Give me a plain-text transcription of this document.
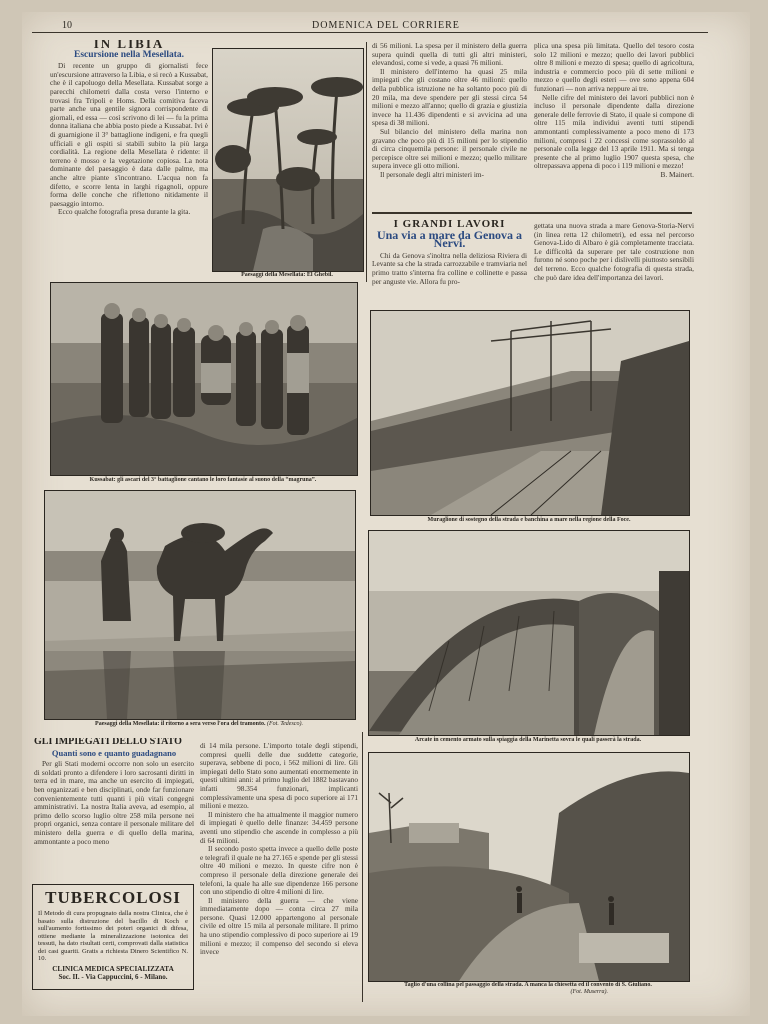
10	DOMENICA DEL CORRIERE
IN LIBIA
Escursione nella Mesellata.

Di recente un gruppo di giornalisti fece un'escursione attraverso la Libia, e si recò a Kussabat, che è il capoluogo della Mesellata. Kussabat sorge a parecchi chilometri dalla costa verso l'interno e trovasi fra Tripoli e Homs. Della comitiva faceva parte anche una gentile signora corrispondente di giornali, ed essa — così scrivono di lei — fu la prima donna italiana che abbia posto piede a Kussabat. Ivi è di guarnigione il 3° battaglione indigeni, e fra quegli ufficiali e gli ospiti si stabilì subito la più larga cordialità. La regione della Mesellata è ridente: il terreno è mosso e la vegetazione copiosa. La nota dominante del paesaggio è data dalle palme, ma anche altre piante s'incontrano. L'acqua non fa difetto, e scorre lenta in larghi rigagnoli, oppure forma delle conche che riflettono nitidamente il paesaggio intorno.

Ecco qualche fotografia presa durante la gita.

Paesaggi della Mesellata: El Ghebil.

di 56 milioni. La spesa per il ministero della guerra supera quindi quella di tutti gli altri ministeri, elevandosi, come si vede, a quasi 76 milioni.

Il ministero dell'interno ha quasi 25 mila impiegati che gli costano oltre 46 milioni: quello della pubblica istruzione ne ha soltanto poco più di 20 mila, ma deve spendere per gli stessi circa 54 milioni e mezzo all'anno; quello di grazia e giustizia invece ha 11.436 dipendenti e si avvicina ad una spesa di 38 milioni.

Sul bilancio del ministero della marina non gravano che poco più di 15 milioni per lo stipendio di circa cinquemila persone: il personale civile ne percepisce oltre sei milioni e mezzo; quello militare supera invece gli otto milioni.

Il personale degli altri ministeri im-

plica una spesa più limitata. Quello del tesoro costa solo 12 milioni e mezzo; quello dei lavori pubblici oltre 8 milioni e mezzo di spesa; quello di agricoltura, industria e commercio poco più di sette milioni e mezzo e quello degli esteri — ove sono appena 604 funzionari — non arriva neppure ai tre.

Nelle cifre del ministero dei lavori pubblici non è incluso il personale dipendente dalla direzione generale delle ferrovie di Stato, il quale si compone di oltre 115 mila individui aventi tutti stipendi ammontanti complessivamente a poco meno di 173 milioni, compresi i 22 concessi come soprassoldo al personale colla legge del 13 aprile 1911. Ma si tenga presente che al primo luglio 1907 questa spesa, che oltrepassava appena di poco i 119 milioni e mezzo!

B. Mainert.

I GRANDI LAVORI
Una via a mare da Genova a Nervi.

Chi da Genova s'inoltra nella deliziosa Riviera di Levante sa che la strada carrozzabile e tramviaria nel primo tratto s'interna fra colline e collinette e passa per anguste vie. Allora fu pro-

gettata una nuova strada a mare Genova-Storia-Nervi (in linea retta 12 chilometri), ed essa nel percorso Genova-Lido di Albaro è già completamente tracciata. Le difficoltà da superare per tale costruzione non furono né sono poche per i dislivelli piuttosto sensibili del terreno. Ecco qualche fotografia di questa strada, che può dare idea dell'importanza dei lavori.

Kussabat: gli ascari del 3° battaglione cantano le loro fantasie al suono della “magruna”.
Paesaggi della Mesellata: il ritorno a sera verso l'ora del tramonto. (Fot. Tedesco).
Muraglione di sostegno della strada e banchina a mare nella regione della Foce.
Arcate in cemento armato sulla spiaggia della Marinetta sovra le quali passerà la strada.
Taglio d'una collina pel passaggio della strada. A manca la chiesetta ed il convento di S. Giuliano.
(Fot. Muserra).
GLI IMPIEGATI DELLO STATO
Quanti sono e quanto guadagnano

Per gli Stati moderni occorre non solo un esercito di soldati pronto a difendere i loro sacrosanti diritti in terra ed in mare, ma anche un esercito di impiegati, ben organizzati e ben disciplinati, onde far funzionare convenientemente tutti quanti i più vitali congegni amministrativi. La nostra Italia aveva, ad esempio, al primo dello scorso luglio oltre 258 mila persone nei propri organici, senza contare il personale militare del ministero della guerra e di quello della marina, ammontante a poco meno

di 14 mila persone. L'importo totale degli stipendi, compresi quelli delle due suddette categorie, superava, sebbene di poco, i 562 milioni di lire. Gli impiegati dello Stato sono aumentati enormemente in questi ultimi anni: al primo luglio del 1882 bastavano infatti 98.354 funzionari, implicanti complessivamente una spesa di poco superiore ai 171 milioni e mezzo.

Il ministero che ha attualmente il maggior numero di impiegati è quello delle finanze: 34.459 persone aventi uno stipendio che ascende in complesso a più di 64 milioni.

Il secondo posto spetta invece a quello delle poste e telegrafi il quale ne ha 27.165 e spende per gli stessi oltre 40 milioni e mezzo. In queste cifre non è compreso il personale della direzione generale dei telefoni, la quale ha alle sue dipendenze 166 persone con uno stipendio di oltre 4 milioni di lire.

Il ministero della guerra — che viene immediatamente dopo — conta circa 27 mila persone. Quasi 12.000 appartengono al personale civile ed oltre 15 mila al personale militare. Il primo ha uno stipendio complessivo di poco superiore ai 19 milioni e mezzo; il compenso del secondo si eleva invece

TUBERCOLOSI
Il Metodo di cura propugnato dalla nostra Clinica, che è basato sulla distruzione del bacillo di Koch e sull'aumento fortissimo dei poteri organici di difesa, ottiene mediante la mineralizzazione isotonica dei tessuti, ha dato risultati certi, comprovati dalla statistica dei casi guariti. Gratis a richiesta Dinero Scientifico N. 10.
CLINICA MEDICA SPECIALIZZATA
Soc. II. - Via Cappuccini, 6 - Milano.
